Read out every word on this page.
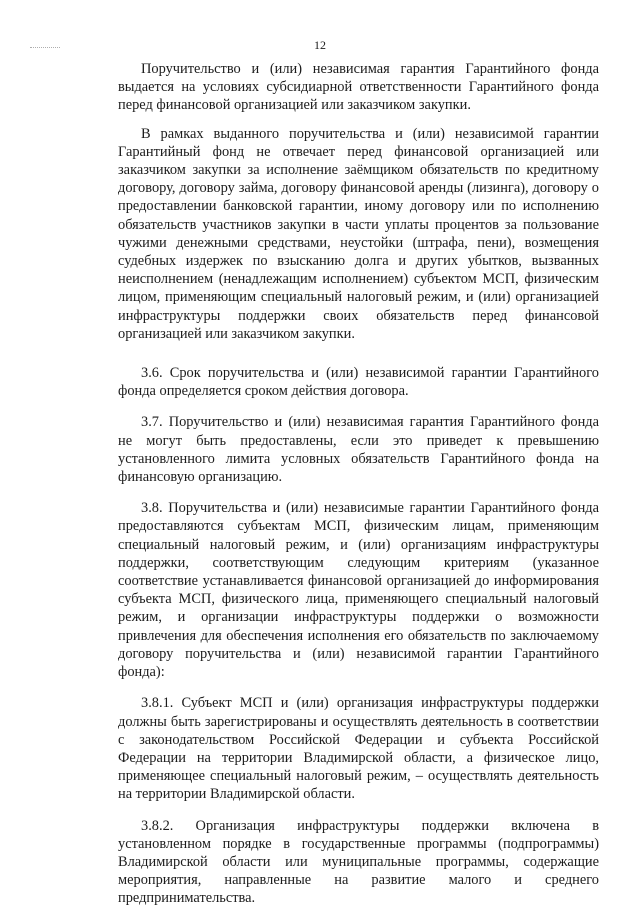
12

Поручительство и (или) независимая гарантия Гарантийного фонда выдается на условиях субсидиарной ответственности Гарантийного фонда перед финансовой организацией или заказчиком закупки.

В рамках выданного поручительства и (или) независимой гарантии Гарантийный фонд не отвечает перед финансовой организацией или заказчиком закупки за исполнение заёмщиком обязательств по кредитному договору, договору займа, договору финансовой аренды (лизинга), договору о предоставлении банковской гарантии, иному договору или по исполнению обязательств участников закупки в части уплаты процентов за пользование чужими денежными средствами, неустойки (штрафа, пени), возмещения судебных издержек по взысканию долга и других убытков, вызванных неисполнением (ненадлежащим исполнением) субъектом МСП, физическим лицом, применяющим специальный налоговый режим, и (или) организацией инфраструктуры поддержки своих обязательств перед финансовой организацией или заказчиком закупки.

3.6. Срок поручительства и (или) независимой гарантии Гарантийного фонда определяется сроком действия договора.

3.7. Поручительство и (или) независимая гарантия Гарантийного фонда не могут быть предоставлены, если это приведет к превышению установленного лимита условных обязательств Гарантийного фонда на финансовую организацию.

3.8. Поручительства и (или) независимые гарантии Гарантийного фонда предоставляются субъектам МСП, физическим лицам, применяющим специальный налоговый режим, и (или) организациям инфраструктуры поддержки, соответствующим следующим критериям (указанное соответствие устанавливается финансовой организацией до информирования субъекта МСП, физического лица, применяющего специальный налоговый режим, и организации инфраструктуры поддержки о возможности привлечения для обеспечения исполнения его обязательств по заключаемому договору поручительства и (или) независимой гарантии Гарантийного фонда):

3.8.1. Субъект МСП и (или) организация инфраструктуры поддержки должны быть зарегистрированы и осуществлять деятельность в соответствии с законодательством Российской Федерации и субъекта Российской Федерации на территории Владимирской области, а физическое лицо, применяющее специальный налоговый режим, – осуществлять деятельность на территории Владимирской области.

3.8.2. Организация инфраструктуры поддержки включена в установленном порядке в государственные программы (подпрограммы) Владимирской области или муниципальные программы, содержащие мероприятия, направленные на развитие малого и среднего предпринимательства.
